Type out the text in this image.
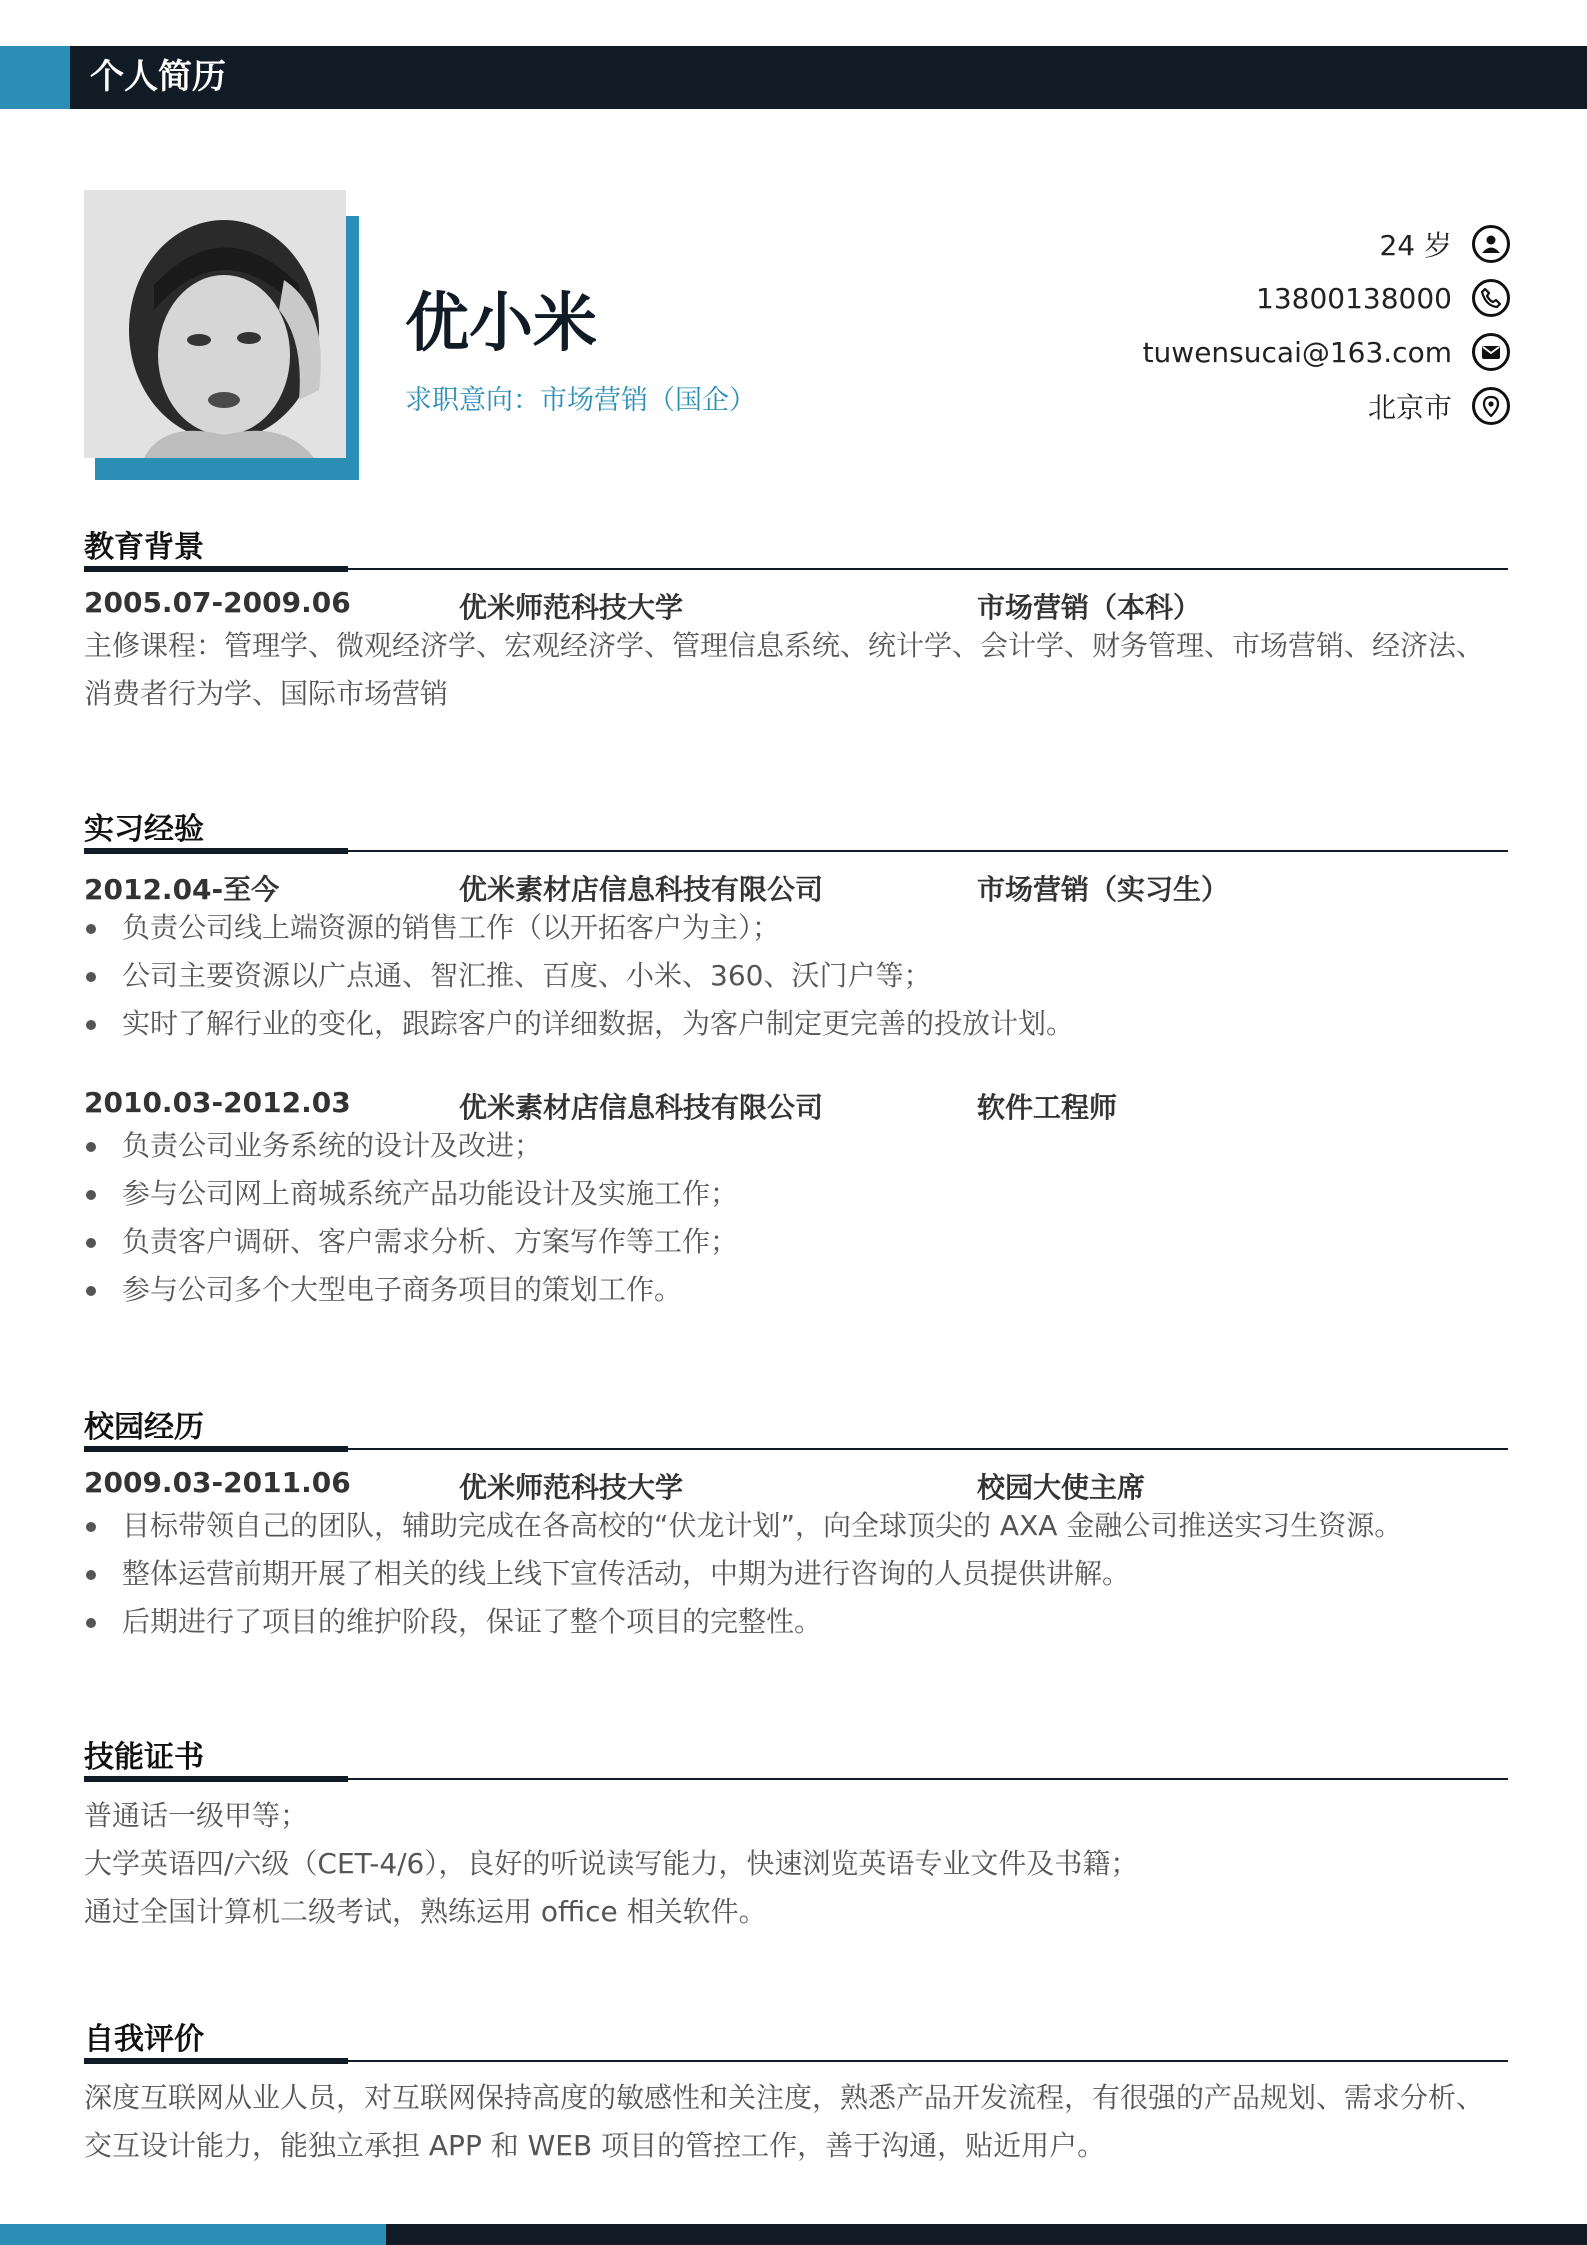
个人简历
优小米
求职意向：市场营销（国企）
24 岁
13800138000
tuwensucai@163.com
北京市
教育背景
2005.07-2009.06	优米师范科技大学	市场营销（本科）
主修课程：管理学、微观经济学、宏观经济学、管理信息系统、统计学、会计学、财务管理、市场营销、经济法、消费者行为学、国际市场营销
实习经验
2012.04-至今	优米素材店信息科技有限公司	市场营销（实习生）
负责公司线上端资源的销售工作（以开拓客户为主）；
公司主要资源以广点通、智汇推、百度、小米、360、沃门户等；
实时了解行业的变化，跟踪客户的详细数据，为客户制定更完善的投放计划。
2010.03-2012.03	优米素材店信息科技有限公司	软件工程师
负责公司业务系统的设计及改进；
参与公司网上商城系统产品功能设计及实施工作；
负责客户调研、客户需求分析、方案写作等工作；
参与公司多个大型电子商务项目的策划工作。
校园经历
2009.03-2011.06	优米师范科技大学	校园大使主席
目标带领自己的团队，辅助完成在各高校的“伏龙计划”，向全球顶尖的 AXA 金融公司推送实习生资源。
整体运营前期开展了相关的线上线下宣传活动，中期为进行咨询的人员提供讲解。
后期进行了项目的维护阶段，保证了整个项目的完整性。
技能证书
普通话一级甲等；
大学英语四/六级（CET-4/6），良好的听说读写能力，快速浏览英语专业文件及书籍；
通过全国计算机二级考试，熟练运用 office 相关软件。
自我评价
深度互联网从业人员，对互联网保持高度的敏感性和关注度，熟悉产品开发流程，有很强的产品规划、需求分析、交互设计能力，能独立承担 APP 和 WEB 项目的管控工作，善于沟通，贴近用户。
